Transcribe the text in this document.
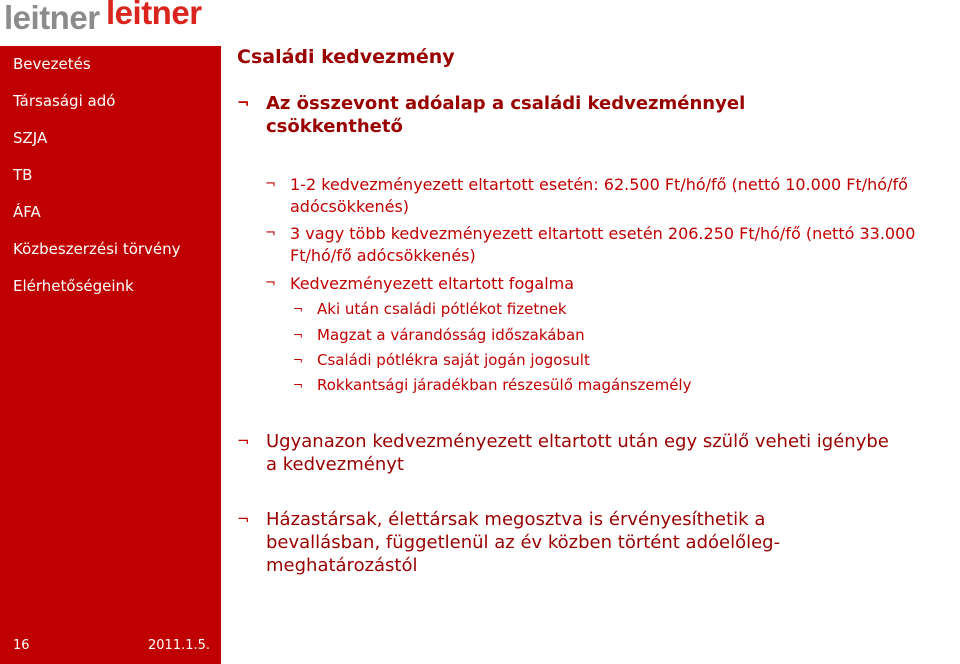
leitner leitner
Bevezetés
Társasági adó
SZJA
TB
ÁFA
Közbeszerzési törvény
Elérhetőségeink
16	2011.1.5.
Családi kedvezmény
¬ Az összevont adóalap a családi kedvezménnyel csökkenthető
¬ 1-2 kedvezményezett eltartott esetén: 62.500 Ft/hó/fő (nettó 10.000 Ft/hó/fő adócsökkenés)
¬ 3 vagy több kedvezményezett eltartott esetén 206.250 Ft/hó/fő (nettó 33.000 Ft/hó/fő adócsökkenés)
¬ Kedvezményezett eltartott fogalma
¬ Aki után családi pótlékot fizetnek
¬ Magzat a várandósság időszakában
¬ Családi pótlékra saját jogán jogosult
¬ Rokkantsági járadékban részesülő magánszemély
¬ Ugyanazon kedvezményezett eltartott után egy szülő veheti igénybe a kedvezményt
¬ Házastársak, élettársak megosztva is érvényesíthetik a bevallásban, függetlenül az év közben történt adóelőleg-meghatározástól
